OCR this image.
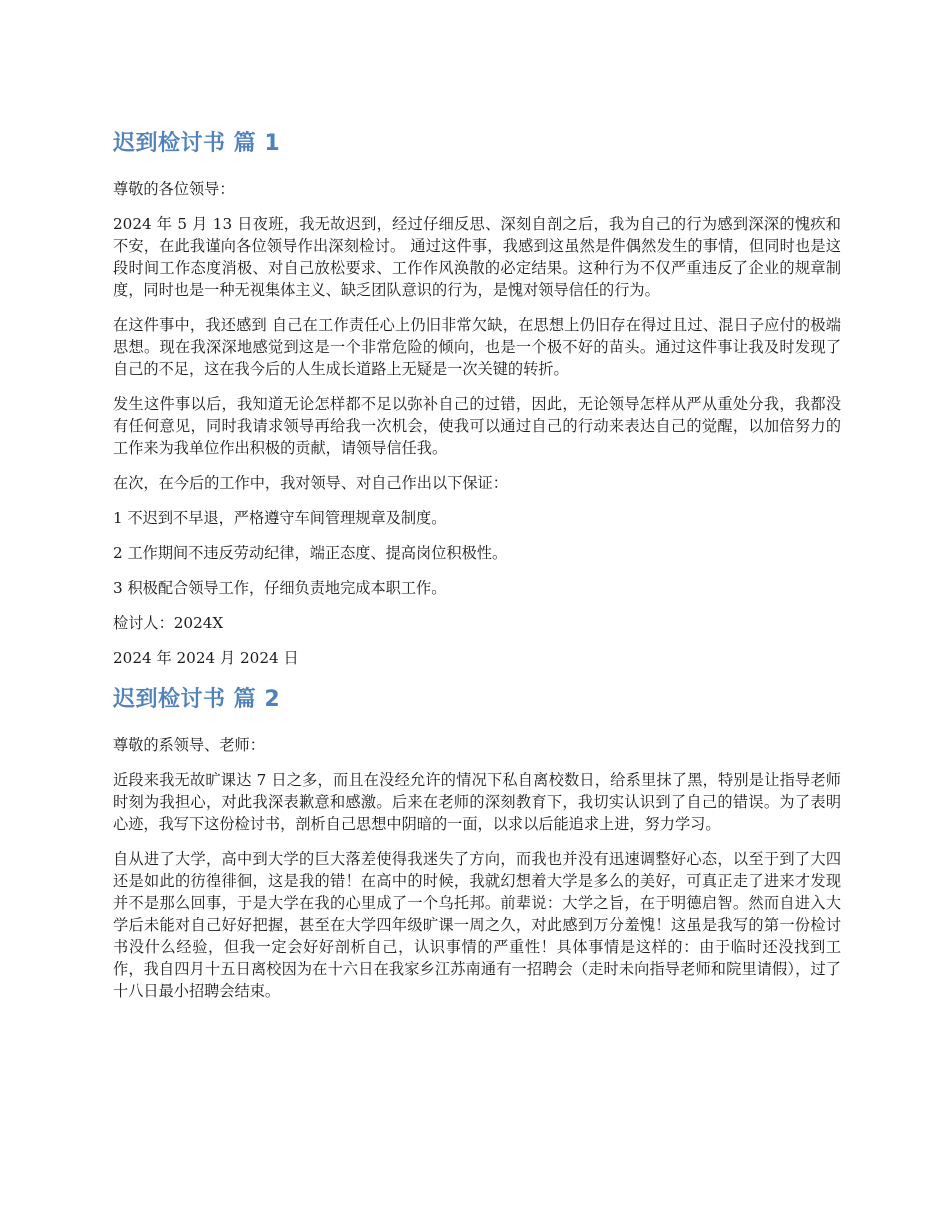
迟到检讨书 篇 1

尊敬的各位领导：

2024 年 5 月 13 日夜班，我无故迟到，经过仔细反思、深刻自剖之后，我为自己的行为感到深深的愧疚和不安，在此我谨向各位领导作出深刻检讨。 通过这件事，我感到这虽然是件偶然发生的事情，但同时也是这段时间工作态度消极、对自己放松要求、工作作风涣散的必定结果。这种行为不仅严重违反了企业的规章制度，同时也是一种无视集体主义、缺乏团队意识的行为，是愧对领导信任的行为。

在这件事中，我还感到 自己在工作责任心上仍旧非常欠缺，在思想上仍旧存在得过且过、混日子应付的极端思想。现在我深深地感觉到这是一个非常危险的倾向，也是一个极不好的苗头。通过这件事让我及时发现了自己的不足，这在我今后的人生成长道路上无疑是一次关键的转折。

发生这件事以后，我知道无论怎样都不足以弥补自己的过错，因此，无论领导怎样从严从重处分我，我都没有任何意见，同时我请求领导再给我一次机会，使我可以通过自己的行动来表达自己的觉醒，以加倍努力的工作来为我单位作出积极的贡献，请领导信任我。

在次，在今后的工作中，我对领导、对自己作出以下保证：

1 不迟到不早退，严格遵守车间管理规章及制度。

2 工作期间不违反劳动纪律，端正态度、提高岗位积极性。

3 积极配合领导工作，仔细负责地完成本职工作。

检讨人：2024X

2024 年 2024 月 2024 日

迟到检讨书 篇 2

尊敬的系领导、老师：

近段来我无故旷课达 7 日之多，而且在没经允许的情况下私自离校数日，给系里抹了黑，特别是让指导老师时刻为我担心，对此我深表歉意和感激。后来在老师的深刻教育下，我切实认识到了自己的错误。为了表明心迹，我写下这份检讨书，剖析自己思想中阴暗的一面，以求以后能追求上进，努力学习。

自从进了大学，高中到大学的巨大落差使得我迷失了方向，而我也并没有迅速调整好心态，以至于到了大四还是如此的彷徨徘徊，这是我的错！在高中的时候，我就幻想着大学是多么的美好，可真正走了进来才发现并不是那么回事，于是大学在我的心里成了一个乌托邦。前辈说：大学之旨，在于明德启智。然而自进入大学后未能对自己好好把握，甚至在大学四年级旷课一周之久，对此感到万分羞愧！这虽是我写的第一份检讨书没什么经验，但我一定会好好剖析自己，认识事情的严重性！具体事情是这样的：由于临时还没找到工作，我自四月十五日离校因为在十六日在我家乡江苏南通有一招聘会（走时未向指导老师和院里请假），过了十八日最小招聘会结束。
